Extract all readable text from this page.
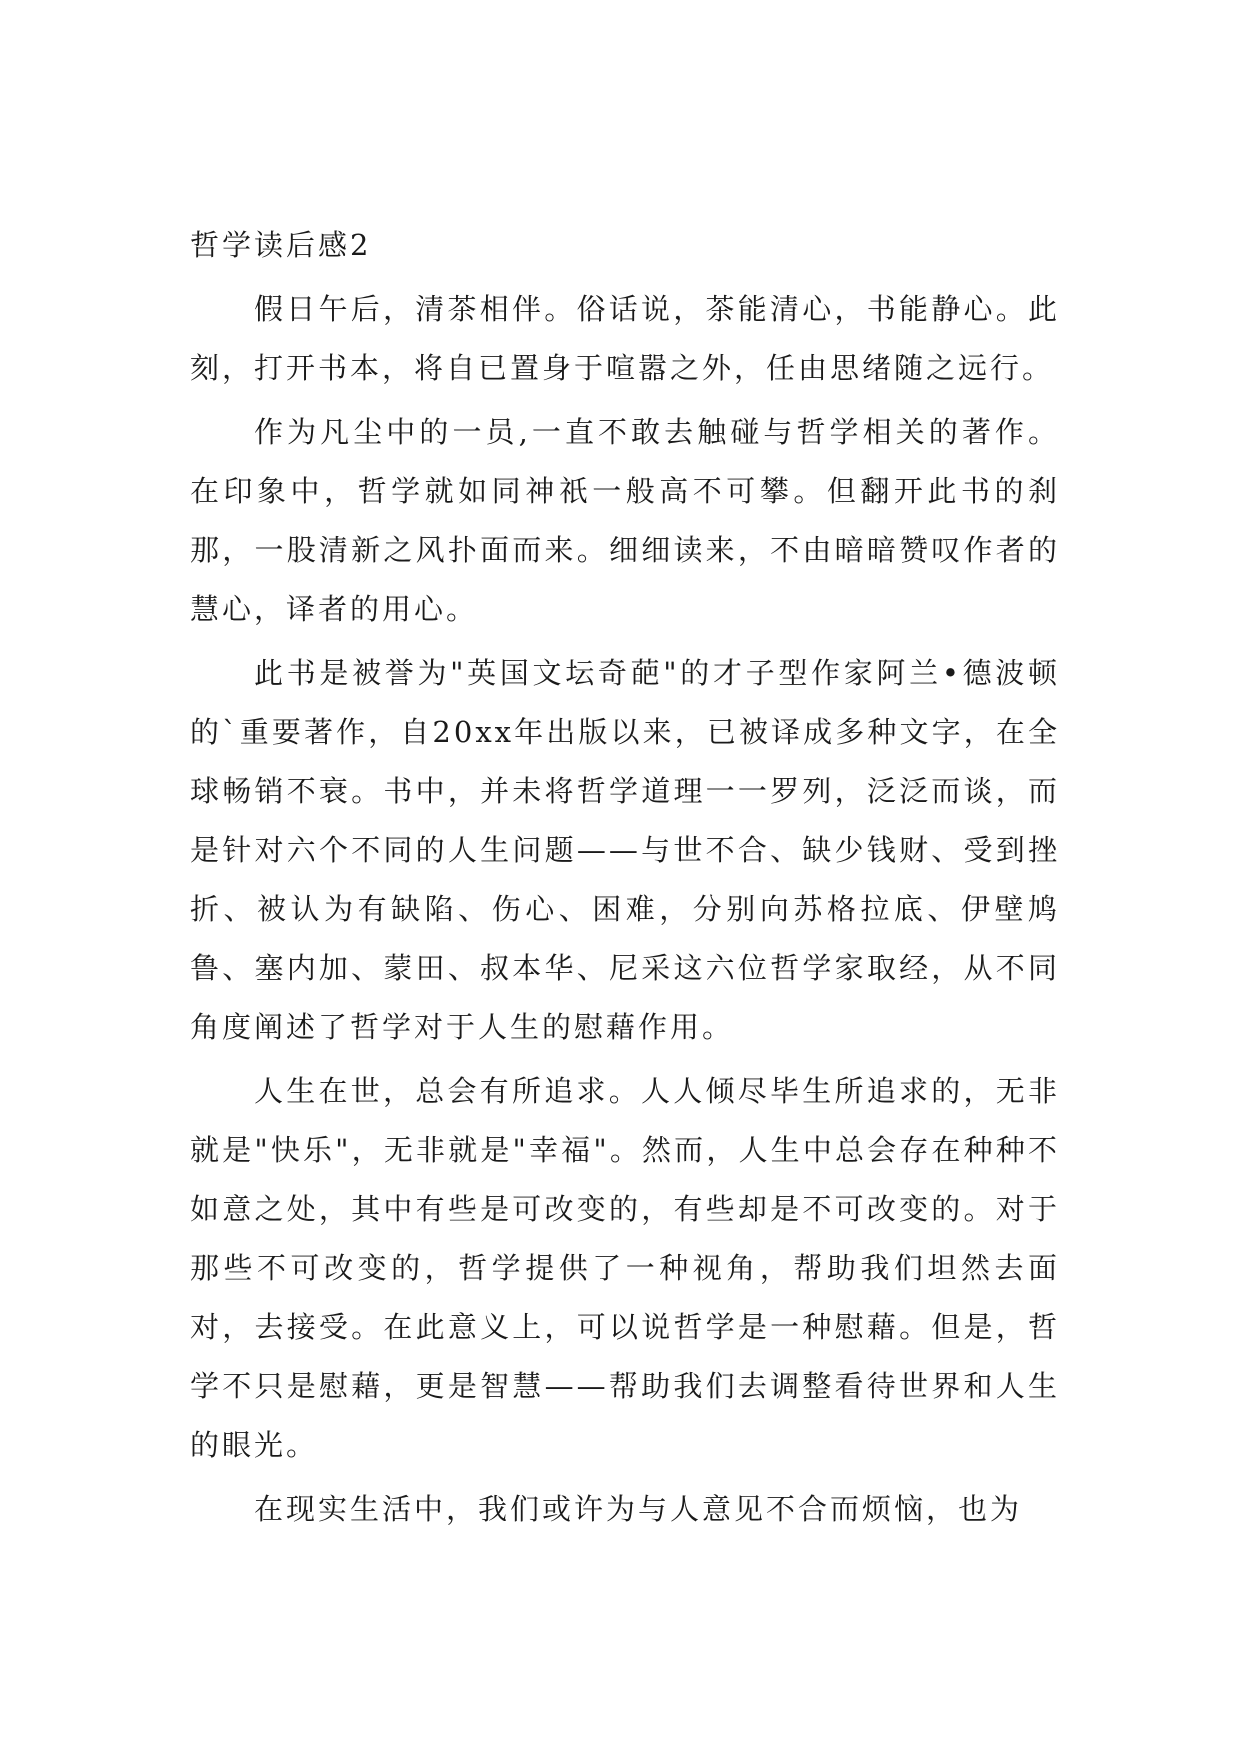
哲学读后感2

假日午后，清茶相伴。俗话说，茶能清心，书能静心。此刻，打开书本，将自已置身于喧嚣之外，任由思绪随之远行。

作为凡尘中的一员,一直不敢去触碰与哲学相关的著作。在印象中，哲学就如同神祇一般高不可攀。但翻开此书的刹那，一股清新之风扑面而来。细细读来，不由暗暗赞叹作者的慧心，译者的用心。

此书是被誉为"英国文坛奇葩"的才子型作家阿兰•德波顿的`重要著作，自20xx年出版以来，已被译成多种文字，在全球畅销不衰。书中，并未将哲学道理一一罗列，泛泛而谈，而是针对六个不同的人生问题——与世不合、缺少钱财、受到挫折、被认为有缺陷、伤心、困难，分别向苏格拉底、伊壁鸠鲁、塞内加、蒙田、叔本华、尼采这六位哲学家取经，从不同角度阐述了哲学对于人生的慰藉作用。

人生在世，总会有所追求。人人倾尽毕生所追求的，无非就是"快乐"，无非就是"幸福"。然而，人生中总会存在种种不如意之处，其中有些是可改变的，有些却是不可改变的。对于那些不可改变的，哲学提供了一种视角，帮助我们坦然去面对，去接受。在此意义上，可以说哲学是一种慰藉。但是，哲学不只是慰藉，更是智慧——帮助我们去调整看待世界和人生的眼光。

在现实生活中，我们或许为与人意见不合而烦恼，也为
